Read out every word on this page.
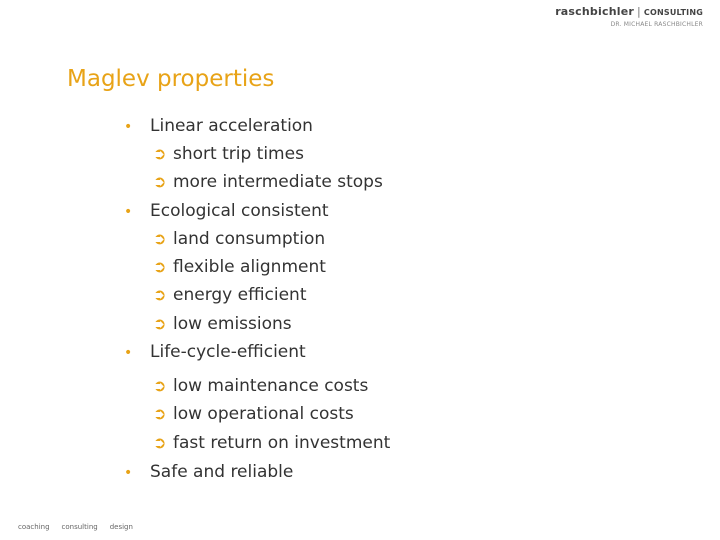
raschbichler | consulting
DR. MICHAEL RASCHBICHLER
Maglev properties
• Linear acceleration
➲ short trip times
➲ more intermediate stops
• Ecological consistent
➲ land consumption
➲ flexible alignment
➲ energy efficient
➲ low emissions
• Life-cycle-efficient
➲ low maintenance costs
➲ low operational costs
➲ fast return on investment
• Safe and reliable
coaching consulting design
